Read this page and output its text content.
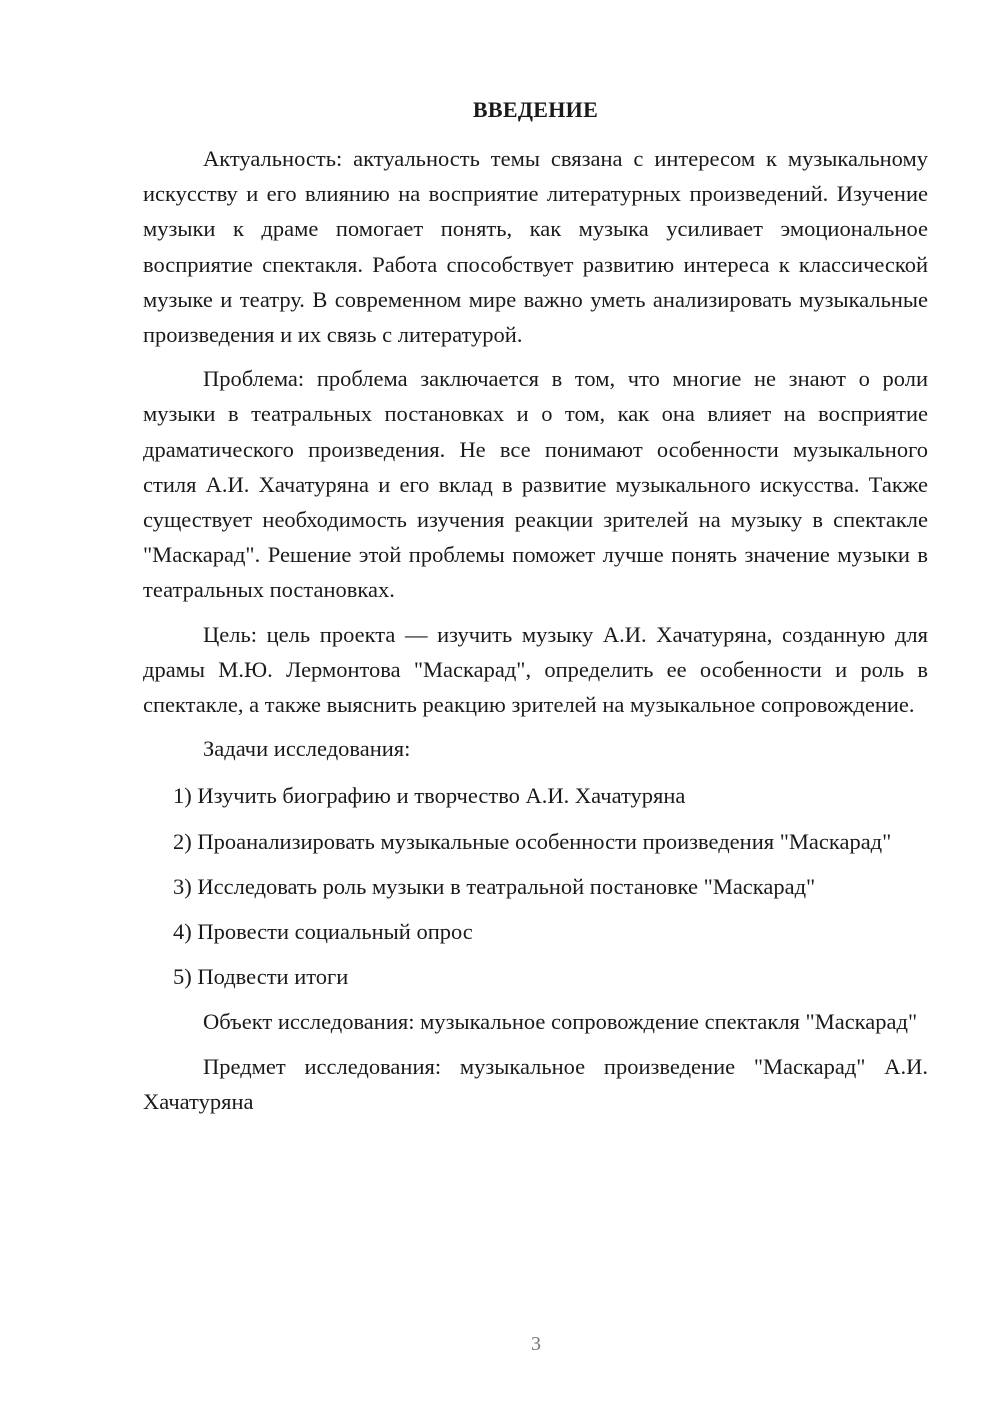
ВВЕДЕНИЕ

Актуальность: актуальность темы связана с интересом к музыкальному искусству и его влиянию на восприятие литературных произведений. Изучение музыки к драме помогает понять, как музыка усиливает эмоциональное восприятие спектакля. Работа способствует развитию интереса к классической музыке и театру. В современном мире важно уметь анализировать музыкальные произведения и их связь с литературой.

Проблема: проблема заключается в том, что многие не знают о роли музыки в театральных постановках и о том, как она влияет на восприятие драматического произведения. Не все понимают особенности музыкального стиля А.И. Хачатуряна и его вклад в развитие музыкального искусства. Также существует необходимость изучения реакции зрителей на музыку в спектакле "Маскарад". Решение этой проблемы поможет лучше понять значение музыки в театральных постановках.

Цель: цель проекта — изучить музыку А.И. Хачатуряна, созданную для драмы М.Ю. Лермонтова "Маскарад", определить ее особенности и роль в спектакле, а также выяснить реакцию зрителей на музыкальное сопровождение.

Задачи исследования:

1) Изучить биографию и творчество А.И. Хачатуряна

2) Проанализировать музыкальные особенности произведения "Маскарад"

3) Исследовать роль музыки в театральной постановке "Маскарад"

4) Провести социальный опрос

5) Подвести итоги

Объект исследования: музыкальное сопровождение спектакля "Маскарад"

Предмет исследования: музыкальное произведение "Маскарад" А.И. Хачатуряна

3
